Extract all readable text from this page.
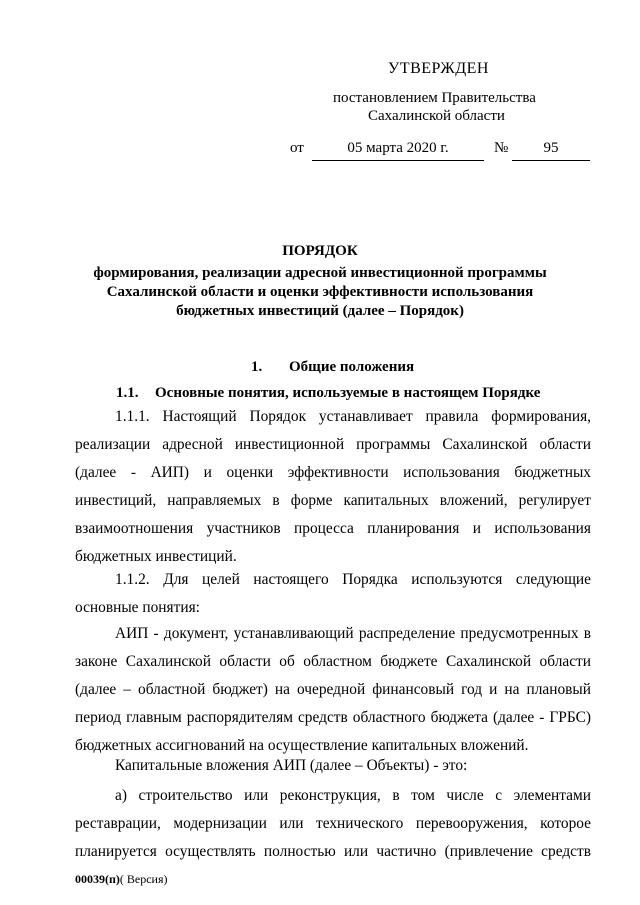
УТВЕРЖДЕН
постановлением Правительства
Сахалинской области
от	05 марта 2020 г.	№	95
ПОРЯДОК
формирования, реализации адресной инвестиционной программы
Сахалинской области и оценки эффективности использования
бюджетных инвестиций (далее – Порядок)
1. Общие положения
1.1. Основные понятия, используемые в настоящем Порядке
1.1.1. Настоящий Порядок устанавливает правила формирования,
реализации адресной инвестиционной программы Сахалинской области
(далее - АИП) и оценки эффективности использования бюджетных
инвестиций, направляемых в форме капитальных вложений, регулирует
взаимоотношения участников процесса планирования и использования
бюджетных инвестиций.
1.1.2. Для целей настоящего Порядка используются следующие
основные понятия:
АИП - документ, устанавливающий распределение предусмотренных в
законе Сахалинской области об областном бюджете Сахалинской области
(далее – областной бюджет) на очередной финансовый год и на плановый
период главным распорядителям средств областного бюджета (далее - ГРБС)
бюджетных ассигнований на осуществление капитальных вложений.
Капитальные вложения АИП (далее – Объекты) - это:
а) строительство или реконструкция, в том числе с элементами
реставрации, модернизации или технического перевооружения, которое
планируется осуществлять полностью или частично (привлечение средств
00039(п)( Версия)
